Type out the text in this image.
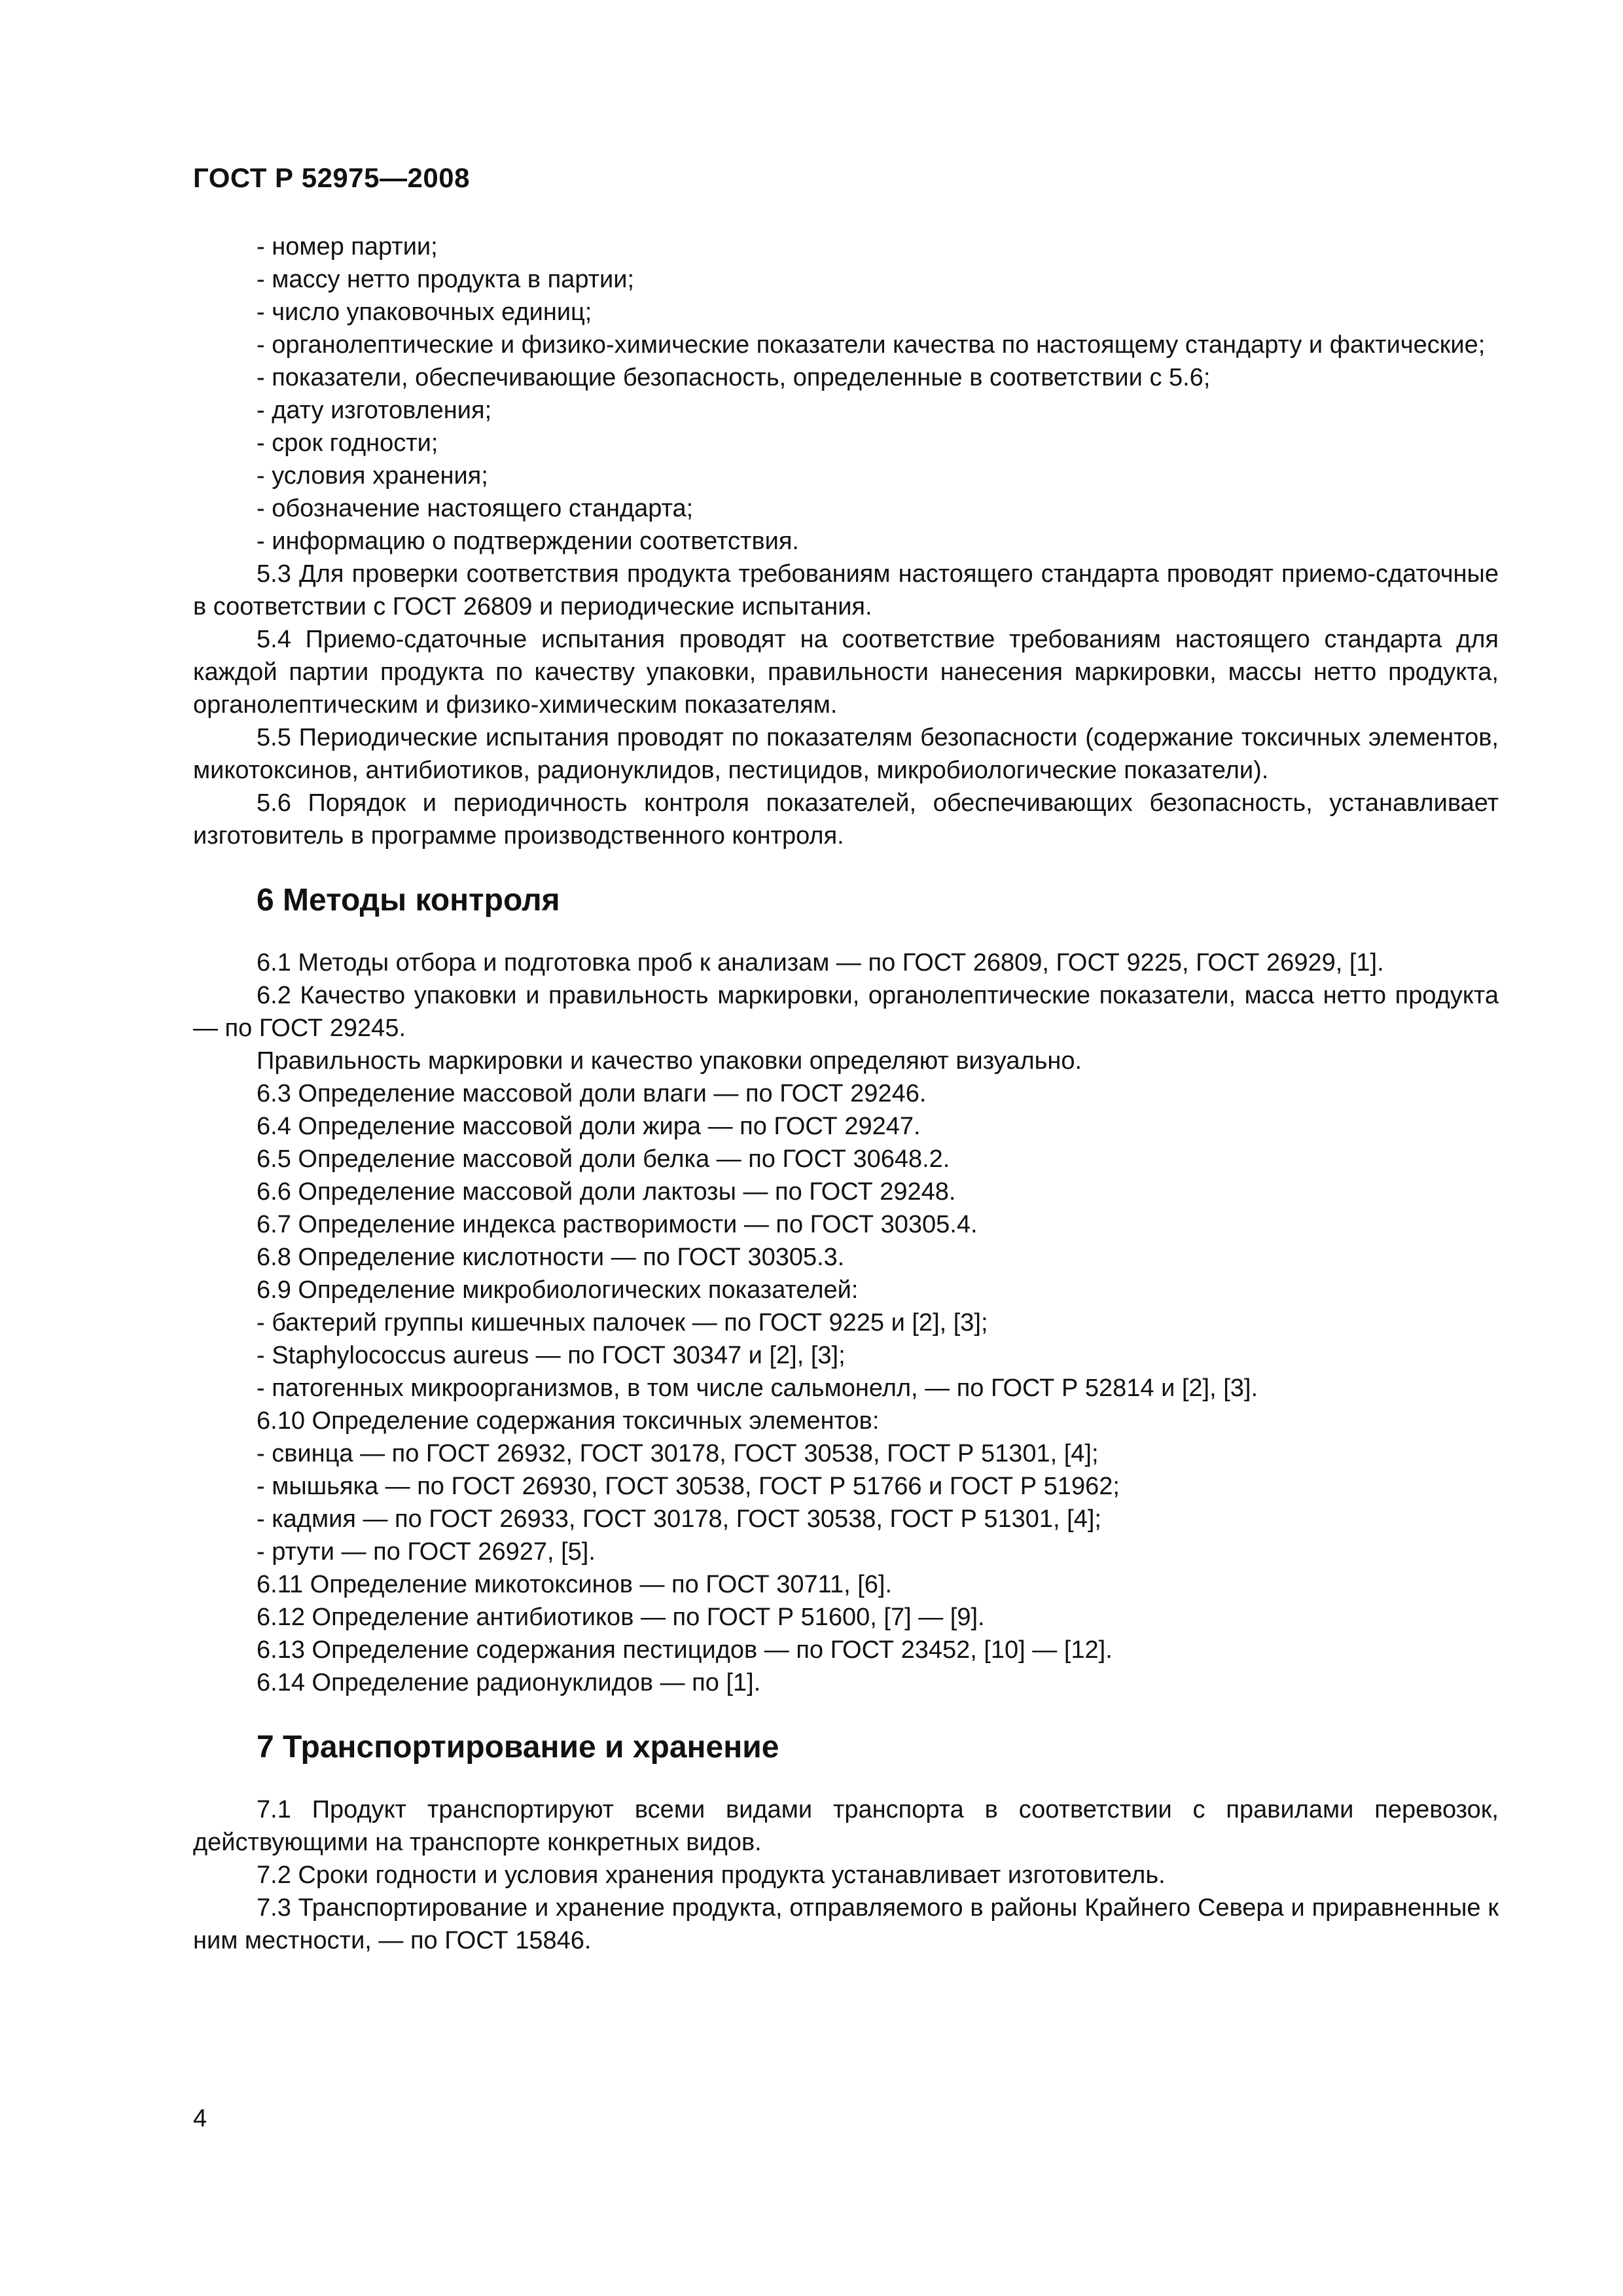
ГОСТ Р 52975—2008

- номер партии;

- массу нетто продукта в партии;

- число упаковочных единиц;

- органолептические и физико-химические показатели качества по настоящему стандарту и фактические;

- показатели, обеспечивающие безопасность, определенные в соответствии с 5.6;

- дату изготовления;

- срок годности;

- условия хранения;

- обозначение настоящего стандарта;

- информацию о подтверждении соответствия.

5.3 Для проверки соответствия продукта требованиям настоящего стандарта проводят приемо-сдаточные в соответствии с ГОСТ 26809 и периодические испытания.

5.4 Приемо-сдаточные испытания проводят на соответствие требованиям настоящего стандарта для каждой партии продукта по качеству упаковки, правильности нанесения маркировки, массы нетто продукта, органолептическим и физико-химическим показателям.

5.5 Периодические испытания проводят по показателям безопасности (содержание токсичных элементов, микотоксинов, антибиотиков, радионуклидов, пестицидов, микробиологические показатели).

5.6 Порядок и периодичность контроля показателей, обеспечивающих безопасность, устанавливает изготовитель в программе производственного контроля.

6 Методы контроля

6.1 Методы отбора и подготовка проб к анализам — по ГОСТ 26809, ГОСТ 9225, ГОСТ 26929, [1].

6.2 Качество упаковки и правильность маркировки, органолептические показатели, масса нетто продукта — по ГОСТ 29245.

Правильность маркировки и качество упаковки определяют визуально.

6.3 Определение массовой доли влаги — по ГОСТ 29246.

6.4 Определение массовой доли жира — по ГОСТ 29247.

6.5 Определение массовой доли белка — по ГОСТ 30648.2.

6.6 Определение массовой доли лактозы — по ГОСТ 29248.

6.7 Определение индекса растворимости — по ГОСТ 30305.4.

6.8 Определение кислотности — по ГОСТ 30305.3.

6.9 Определение микробиологических показателей:

- бактерий группы кишечных палочек — по ГОСТ 9225 и [2], [3];

- Staphylococcus aureus — по ГОСТ 30347 и [2], [3];

- патогенных микроорганизмов, в том числе сальмонелл, — по ГОСТ Р 52814 и [2], [3].

6.10 Определение содержания токсичных элементов:

- свинца — по ГОСТ 26932, ГОСТ 30178, ГОСТ 30538, ГОСТ Р 51301, [4];

- мышьяка — по ГОСТ 26930, ГОСТ 30538, ГОСТ Р 51766 и ГОСТ Р 51962;

- кадмия — по ГОСТ 26933, ГОСТ 30178, ГОСТ 30538, ГОСТ Р 51301, [4];

- ртути — по ГОСТ 26927, [5].

6.11 Определение микотоксинов — по ГОСТ 30711, [6].

6.12 Определение антибиотиков — по ГОСТ Р 51600, [7] — [9].

6.13 Определение содержания пестицидов — по ГОСТ 23452, [10] — [12].

6.14 Определение радионуклидов — по [1].

7 Транспортирование и хранение

7.1 Продукт транспортируют всеми видами транспорта в соответствии с правилами перевозок, действующими на транспорте конкретных видов.

7.2 Сроки годности и условия хранения продукта устанавливает изготовитель.

7.3 Транспортирование и хранение продукта, отправляемого в районы Крайнего Севера и приравненные к ним местности, — по ГОСТ 15846.

4
